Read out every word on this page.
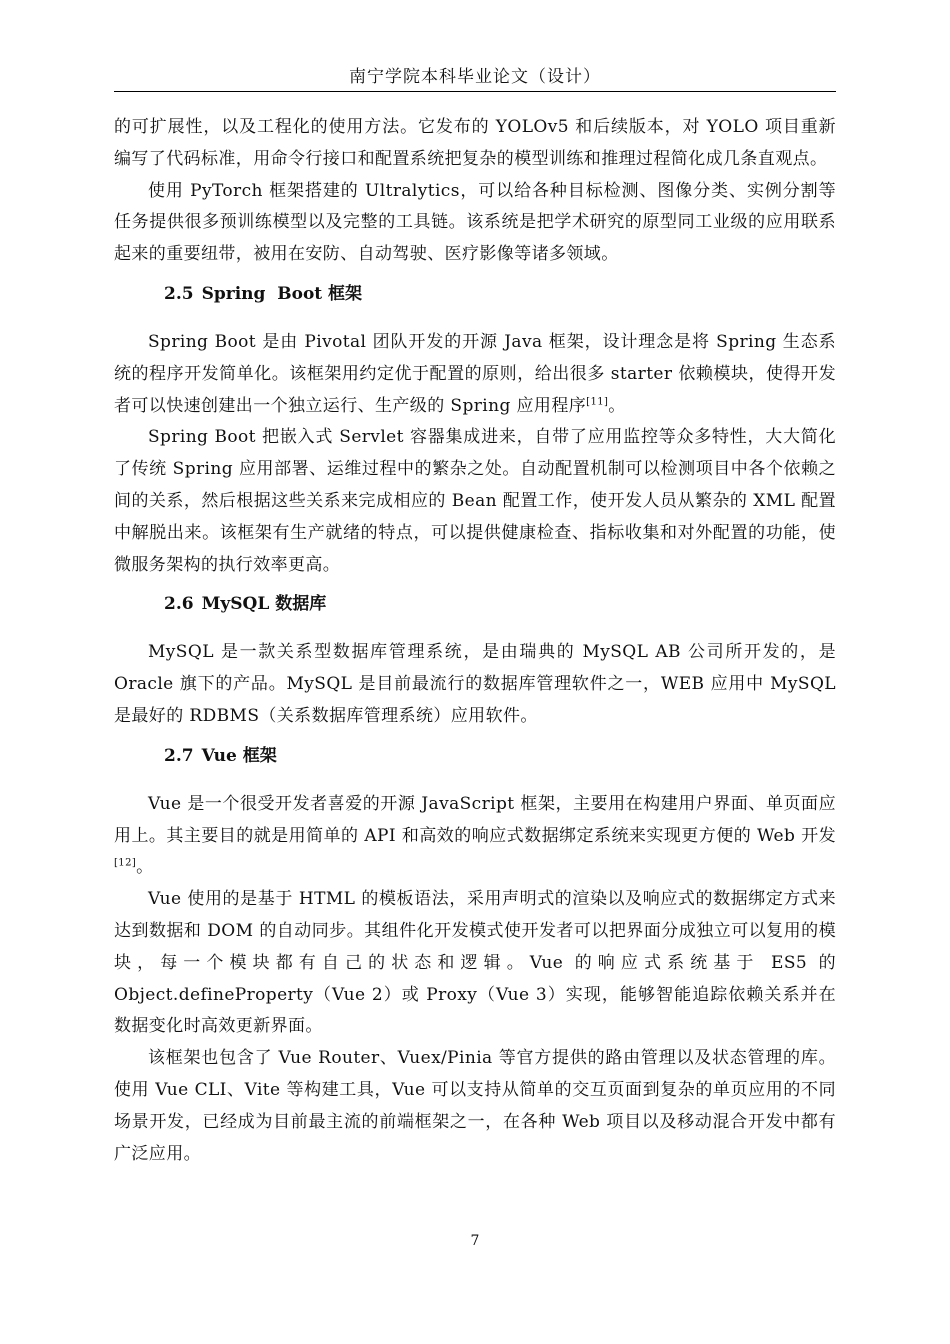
南宁学院本科毕业论文（设计）

的可扩展性，以及工程化的使用方法。它发布的 YOLOv5 和后续版本，对 YOLO 项目重新编写了代码标准，用命令行接口和配置系统把复杂的模型训练和推理过程简化成几条直观点。

使用 PyTorch 框架搭建的 Ultralytics，可以给各种目标检测、图像分类、实例分割等任务提供很多预训练模型以及完整的工具链。该系统是把学术研究的原型同工业级的应用联系起来的重要纽带，被用在安防、自动驾驶、医疗影像等诸多领域。

2.5 Spring  Boot 框架

Spring Boot 是由 Pivotal 团队开发的开源 Java 框架，设计理念是将 Spring 生态系统的程序开发简单化。该框架用约定优于配置的原则，给出很多 starter 依赖模块，使得开发者可以快速创建出一个独立运行、生产级的 Spring 应用程序[11]。

Spring Boot 把嵌入式 Servlet 容器集成进来，自带了应用监控等众多特性，大大简化了传统 Spring 应用部署、运维过程中的繁杂之处。自动配置机制可以检测项目中各个依赖之间的关系，然后根据这些关系来完成相应的 Bean 配置工作，使开发人员从繁杂的 XML 配置中解脱出来。该框架有生产就绪的特点，可以提供健康检查、指标收集和对外配置的功能，使微服务架构的执行效率更高。

2.6 MySQL 数据库

MySQL 是一款关系型数据库管理系统，是由瑞典的 MySQL AB 公司所开发的，是 Oracle 旗下的产品。MySQL 是目前最流行的数据库管理软件之一，WEB 应用中 MySQL 是最好的 RDBMS（关系数据库管理系统）应用软件。

2.7 Vue 框架

Vue 是一个很受开发者喜爱的开源 JavaScript 框架，主要用在构建用户界面、单页面应用上。其主要目的就是用简单的 API 和高效的响应式数据绑定系统来实现更方便的 Web 开发[12]。

Vue 使用的是基于 HTML 的模板语法，采用声明式的渲染以及响应式的数据绑定方式来达到数据和 DOM 的自动同步。其组件化开发模式使开发者可以把界面分成独立可以复用的模块，每一个模块都有自己的状态和逻辑。Vue 的响应式系统基于 ES5 的 Object.defineProperty（Vue 2）或 Proxy（Vue 3）实现，能够智能追踪依赖关系并在数据变化时高效更新界面。

该框架也包含了 Vue Router、Vuex/Pinia 等官方提供的路由管理以及状态管理的库。使用 Vue CLI、Vite 等构建工具，Vue 可以支持从简单的交互页面到复杂的单页应用的不同场景开发，已经成为目前最主流的前端框架之一，在各种 Web 项目以及移动混合开发中都有广泛应用。

7
